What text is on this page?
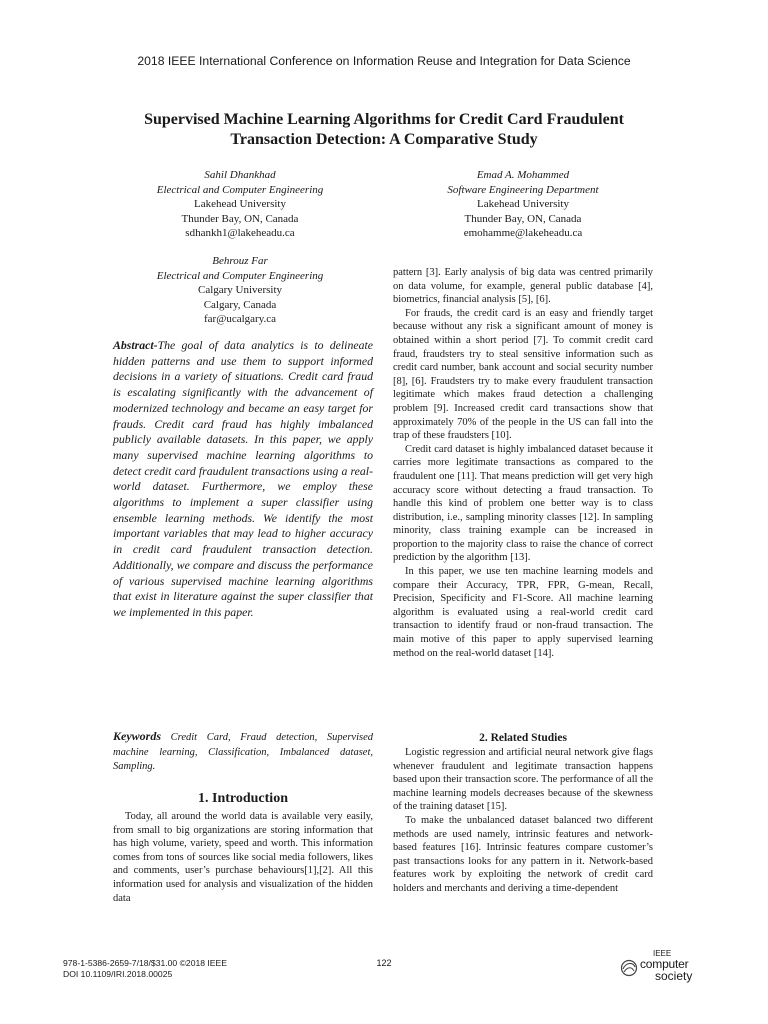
2018 IEEE International Conference on Information Reuse and Integration for Data Science
Supervised Machine Learning Algorithms for Credit Card Fraudulent
Transaction Detection: A Comparative Study
Sahil Dhankhad
Electrical and Computer Engineering
Lakehead University
Thunder Bay, ON, Canada
sdhankh1@lakeheadu.ca
Emad A. Mohammed
Software Engineering Department
Lakehead University
Thunder Bay, ON, Canada
emohamme@lakeheadu.ca
Behrouz Far
Electrical and Computer Engineering
Calgary University
Calgary, Canada
far@ucalgary.ca
Abstract-The goal of data analytics is to delineate hidden patterns and use them to support informed decisions in a variety of situations. Credit card fraud is escalating significantly with the advancement of modernized technology and became an easy target for frauds. Credit card fraud has highly imbalanced publicly available datasets. In this paper, we apply many supervised machine learning algorithms to detect credit card fraudulent transactions using a real-world dataset. Furthermore, we employ these algorithms to implement a super classifier using ensemble learning methods. We identify the most important variables that may lead to higher accuracy in credit card fraudulent transaction detection. Additionally, we compare and discuss the performance of various supervised machine learning algorithms that exist in literature against the super classifier that we implemented in this paper.
Keywords Credit Card, Fraud detection, Supervised machine learning, Classification, Imbalanced dataset, Sampling.
1. Introduction

Today, all around the world data is available very easily, from small to big organizations are storing information that has high volume, variety, speed and worth. This information comes from tons of sources like social media followers, likes and comments, user’s purchase behaviours[1],[2]. All this information used for analysis and visualization of the hidden data

pattern [3]. Early analysis of big data was centred primarily on data volume, for example, general public database [4], biometrics, financial analysis [5], [6].

For frauds, the credit card is an easy and friendly target because without any risk a significant amount of money is obtained within a short period [7]. To commit credit card fraud, fraudsters try to steal sensitive information such as credit card number, bank account and social security number [8], [6]. Fraudsters try to make every fraudulent transaction legitimate which makes fraud detection a challenging problem [9]. Increased credit card transactions show that approximately 70% of the people in the US can fall into the trap of these fraudsters [10].

Credit card dataset is highly imbalanced dataset because it carries more legitimate transactions as compared to the fraudulent one [11]. That means prediction will get very high accuracy score without detecting a fraud transaction. To handle this kind of problem one better way is to class distribution, i.e., sampling minority classes [12]. In sampling minority, class training example can be increased in proportion to the majority class to raise the chance of correct prediction by the algorithm [13].

In this paper, we use ten machine learning models and compare their Accuracy, TPR, FPR, G-mean, Recall, Precision, Specificity and F1-Score. All machine learning algorithm is evaluated using a real-world credit card transaction to identify fraud or non-fraud transaction. The main motive of this paper to apply supervised learning method on the real-world dataset [14].

2. Related Studies

Logistic regression and artificial neural network give flags whenever fraudulent and legitimate transaction happens based upon their transaction score. The performance of all the machine learning models decreases because of the skewness of the training dataset [15].

To make the unbalanced dataset balanced two different methods are used namely, intrinsic features and network-based features [16]. Intrinsic features compare customer’s past transactions looks for any pattern in it. Network-based features work by exploiting the network of credit card holders and merchants and deriving a time-dependent

978-1-5386-2659-7/18/$31.00 ©2018 IEEE
DOI 10.1109/IRI.2018.00025
122
IEEE
computer
society
